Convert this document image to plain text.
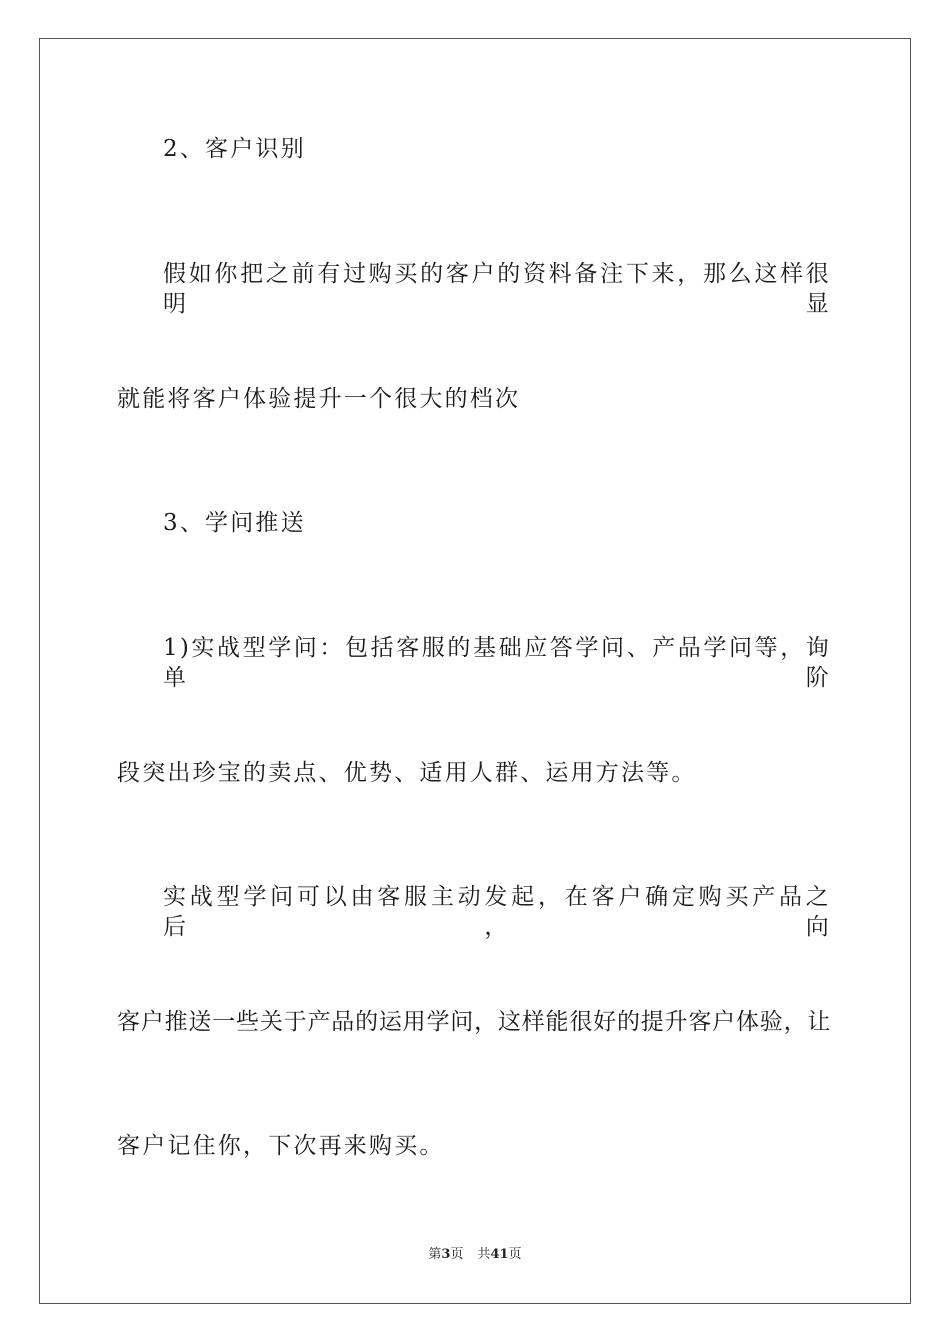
2、客户识别
假如你把之前有过购买的客户的资料备注下来，那么这样很明显
就能将客户体验提升一个很大的档次
3、学问推送
1)实战型学问：包括客服的基础应答学问、产品学问等，询单阶
段突出珍宝的卖点、优势、适用人群、运用方法等。
实战型学问可以由客服主动发起，在客户确定购买产品之后，向
客户推送一些关于产品的运用学问，这样能很好的提升客户体验，让
客户记住你，下次再来购买。
第3页 共41页
